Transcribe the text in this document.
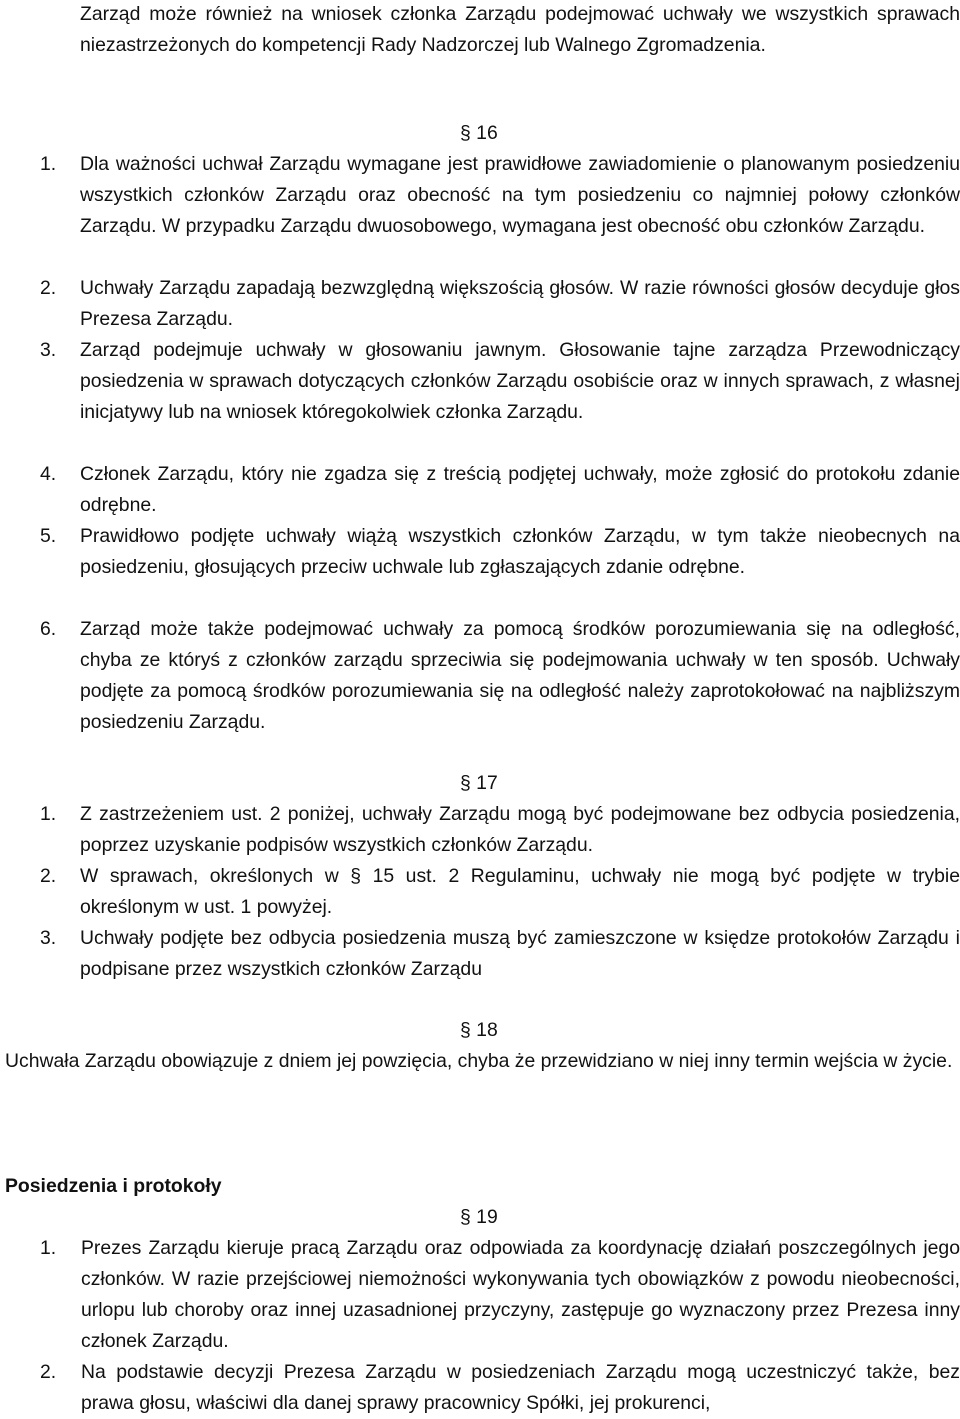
Zarząd może również na wniosek członka Zarządu podejmować uchwały we wszystkich sprawach niezastrzeżonych do kompetencji Rady Nadzorczej lub Walnego Zgromadzenia.
§ 16
1. Dla ważności uchwał Zarządu wymagane jest prawidłowe zawiadomienie o planowanym posiedzeniu wszystkich członków Zarządu oraz obecność na tym posiedzeniu co najmniej połowy członków Zarządu. W przypadku Zarządu dwuosobowego, wymagana jest obecność obu członków Zarządu.
2. Uchwały Zarządu zapadają bezwzględną większością głosów. W razie równości głosów decyduje głos Prezesa Zarządu.
3. Zarząd podejmuje uchwały w głosowaniu jawnym. Głosowanie tajne zarządza Przewodniczący posiedzenia w sprawach dotyczących członków Zarządu osobiście oraz w innych sprawach, z własnej inicjatywy lub na wniosek któregokolwiek członka Zarządu.
4. Członek Zarządu, który nie zgadza się z treścią podjętej uchwały, może zgłosić do protokołu zdanie odrębne.
5. Prawidłowo podjęte uchwały wiążą wszystkich członków Zarządu, w tym także nieobecnych na posiedzeniu, głosujących przeciw uchwale lub zgłaszających zdanie odrębne.
6. Zarząd może także podejmować uchwały za pomocą środków porozumiewania się na odległość, chyba ze któryś z członków zarządu sprzeciwia się podejmowania uchwały w ten sposób. Uchwały podjęte za pomocą środków porozumiewania się na odległość należy zaprotokołować na najbliższym posiedzeniu Zarządu.
§ 17
1. Z zastrzeżeniem ust. 2 poniżej, uchwały Zarządu mogą być podejmowane bez odbycia posiedzenia, poprzez uzyskanie podpisów wszystkich członków Zarządu.
2. W sprawach, określonych w § 15 ust. 2 Regulaminu, uchwały nie mogą być podjęte w trybie określonym w ust. 1 powyżej.
3. Uchwały podjęte bez odbycia posiedzenia muszą być zamieszczone w księdze protokołów Zarządu i podpisane przez wszystkich członków Zarządu
§ 18
Uchwała Zarządu obowiązuje z dniem jej powzięcia, chyba że przewidziano w niej inny termin wejścia w życie.
Posiedzenia i protokoły
§ 19
1. Prezes Zarządu kieruje pracą Zarządu oraz odpowiada za koordynację działań poszczególnych jego członków. W razie przejściowej niemożności wykonywania tych obowiązków z powodu nieobecności, urlopu lub choroby oraz innej uzasadnionej przyczyny, zastępuje go wyznaczony przez Prezesa inny członek Zarządu.
2. Na podstawie decyzji Prezesa Zarządu w posiedzeniach Zarządu mogą uczestniczyć także, bez prawa głosu, właściwi dla danej sprawy pracownicy Spółki, jej prokurenci,
